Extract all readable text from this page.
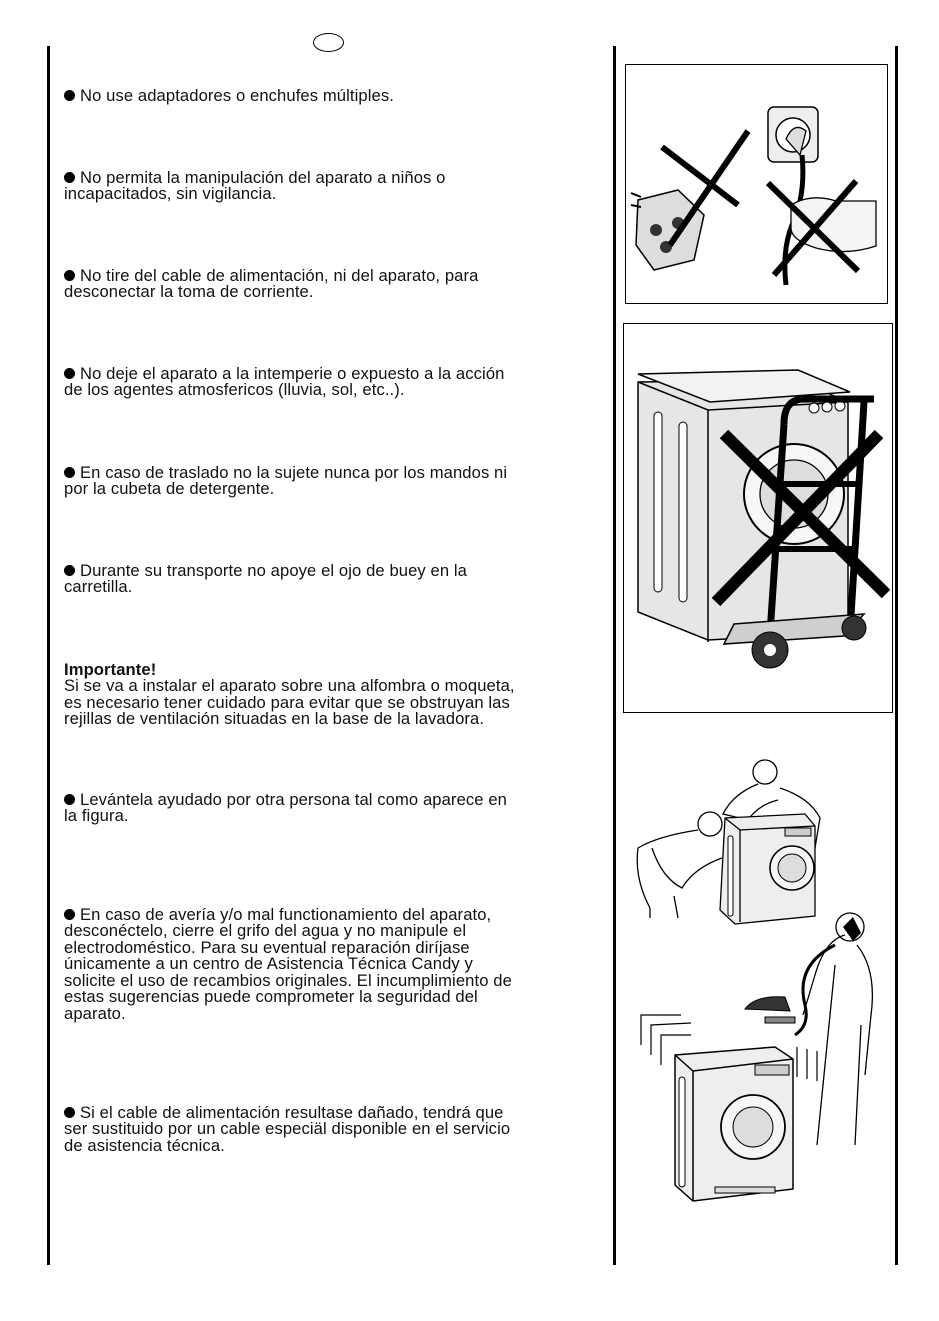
No use adaptadores o enchufes múltiples.

No permita la manipulación del aparato a niños o
incapacitados, sin vigilancia.

No tire del cable de alimentación, ni del aparato, para
desconectar la toma de corriente.

No deje el aparato a la intemperie o expuesto a la acción
de los agentes atmosfericos (lluvia, sol, etc..).

En caso de traslado no la sujete nunca por los mandos ni
por la cubeta de detergente.

Durante su transporte no apoye el ojo de buey en la
carretilla.

Importante!
Si se va a instalar el aparato sobre una alfombra o moqueta,
es necesario tener cuidado para evitar que se obstruyan las
rejillas de ventilación situadas en la base de la lavadora.

Levántela ayudado por otra persona tal como aparece en
la figura.

En caso de avería y/o mal functionamiento del aparato,
desconéctelo, cierre el grifo del agua y no manipule el
electrodoméstico. Para su eventual reparación diríjase
únicamente a un centro de Asistencia Técnica Candy y
solicite el uso de recambios originales. El incumplimiento de
estas sugerencias puede comprometer la seguridad del
aparato.

Si el cable de alimentación resultase dañado, tendrá que
ser sustituido por un cable especiäl disponible en el servicio
de asistencia técnica.
